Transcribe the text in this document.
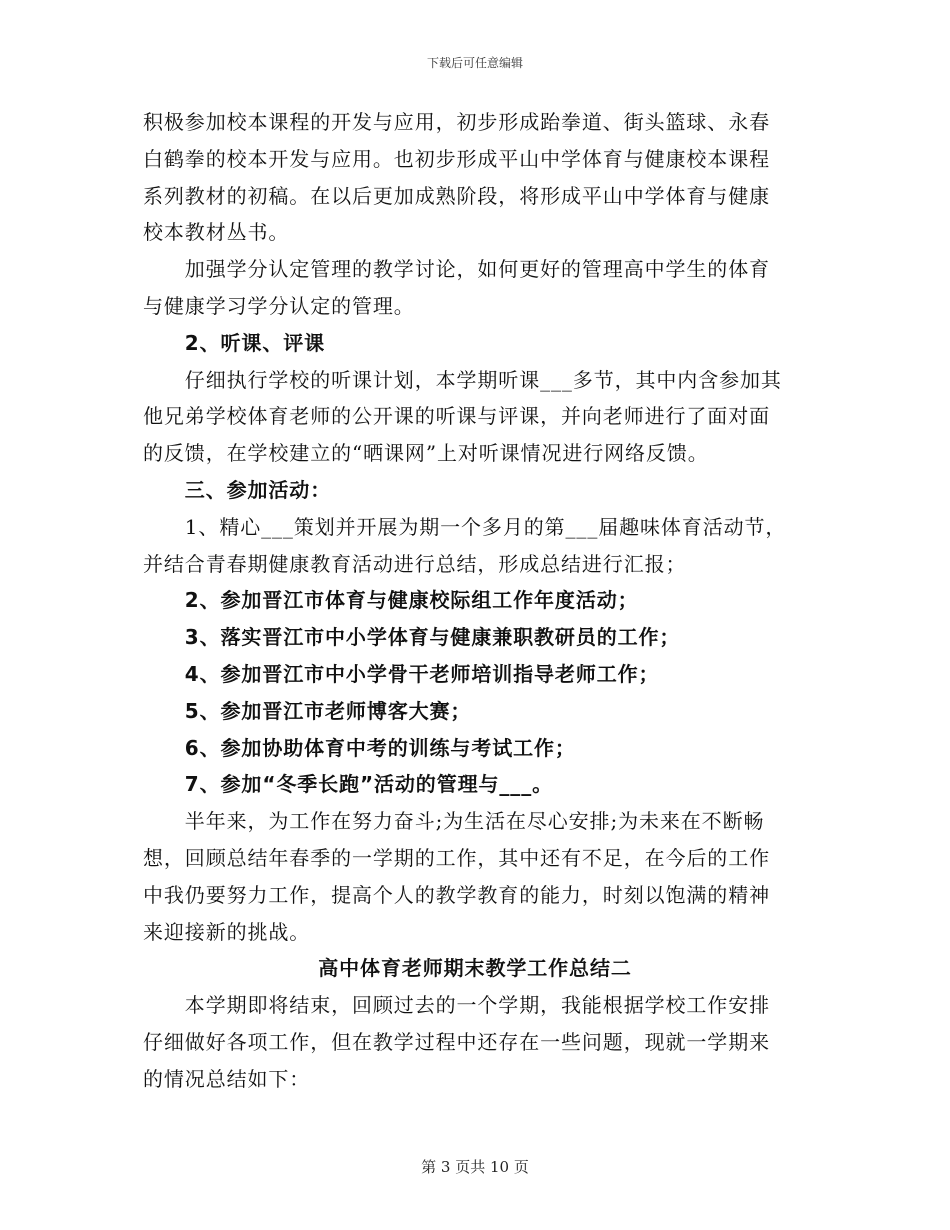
下载后可任意编辑

积极参加校本课程的开发与应用，初步形成跆拳道、街头篮球、永春

白鹤拳的校本开发与应用。也初步形成平山中学体育与健康校本课程

系列教材的初稿。在以后更加成熟阶段，将形成平山中学体育与健康

校本教材丛书。

　　加强学分认定管理的教学讨论，如何更好的管理高中学生的体育

与健康学习学分认定的管理。

　　2、听课、评课

　　仔细执行学校的听课计划，本学期听课___多节，其中内含参加其

他兄弟学校体育老师的公开课的听课与评课，并向老师进行了面对面

的反馈，在学校建立的“晒课网”上对听课情况进行网络反馈。

　　三、参加活动：

　　1、精心___策划并开展为期一个多月的第___届趣味体育活动节，

并结合青春期健康教育活动进行总结，形成总结进行汇报；

　　2、参加晋江市体育与健康校际组工作年度活动；

　　3、落实晋江市中小学体育与健康兼职教研员的工作；

　　4、参加晋江市中小学骨干老师培训指导老师工作；

　　5、参加晋江市老师博客大赛；

　　6、参加协助体育中考的训练与考试工作；

　　7、参加“冬季长跑”活动的管理与___。

　　半年来，为工作在努力奋斗;为生活在尽心安排;为未来在不断畅

想，回顾总结年春季的一学期的工作，其中还有不足，在今后的工作

中我仍要努力工作，提高个人的教学教育的能力，时刻以饱满的精神

来迎接新的挑战。

高中体育老师期末教学工作总结二

　　本学期即将结束，回顾过去的一个学期，我能根据学校工作安排

仔细做好各项工作，但在教学过程中还存在一些问题，现就一学期来

的情况总结如下：

第 3 页共 10 页
